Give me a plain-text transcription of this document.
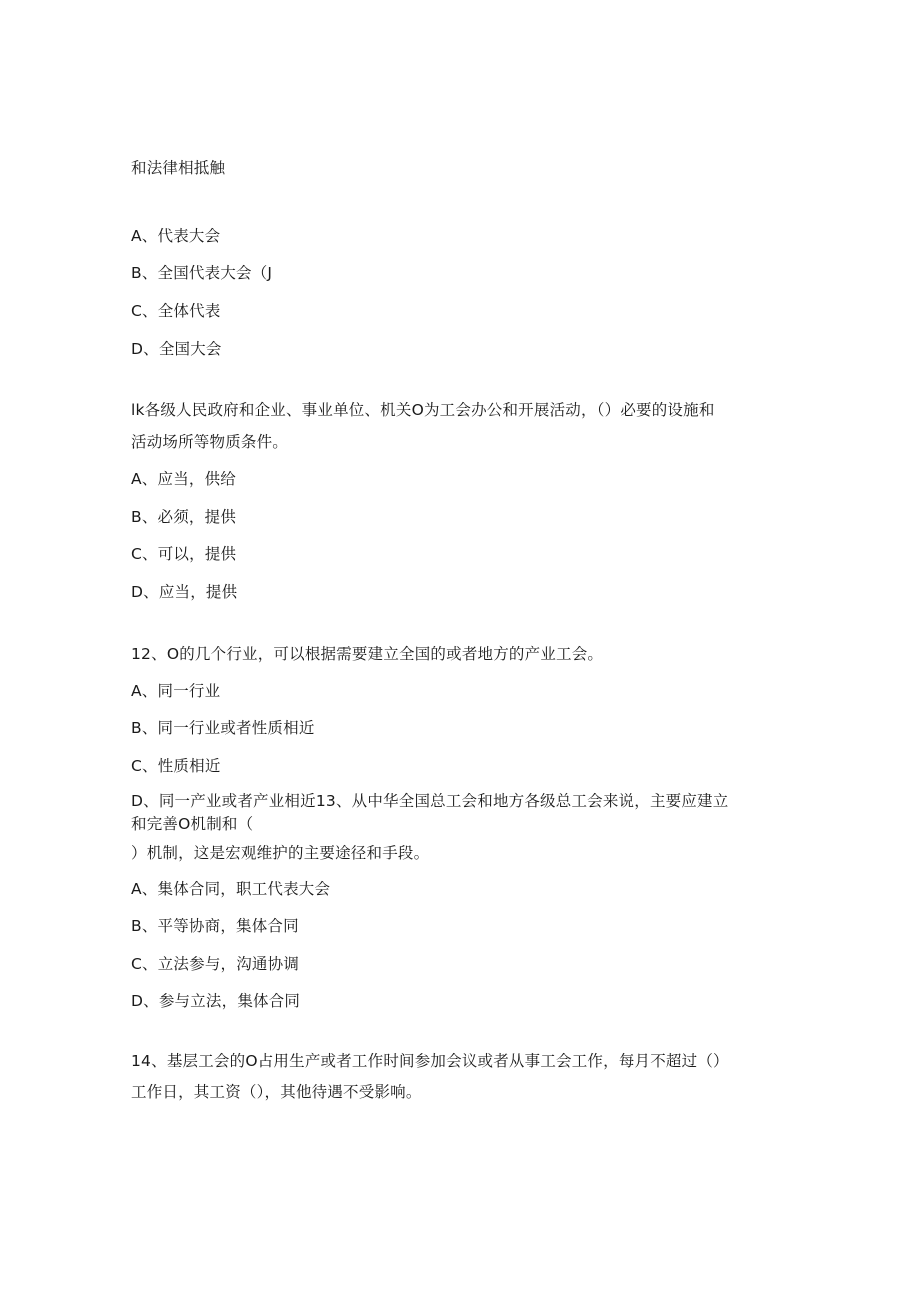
和法律相抵触
A、代表大会
B、全国代表大会（J
C、全体代表
D、全国大会
lk各级人民政府和企业、事业单位、机关O为工会办公和开展活动，（）必要的设施和
活动场所等物质条件。
A、应当，供给
B、必须，提供
C、可以，提供
D、应当，提供
12、O的几个行业，可以根据需要建立全国的或者地方的产业工会。
A、同一行业
B、同一行业或者性质相近
C、性质相近
D、同一产业或者产业相近13、从中华全国总工会和地方各级总工会来说，主要应建立
和完善O机制和（
）机制，这是宏观维护的主要途径和手段。
A、集体合同，职工代表大会
B、平等协商，集体合同
C、立法参与，沟通协调
D、参与立法，集体合同
14、基层工会的O占用生产或者工作时间参加会议或者从事工会工作，每月不超过（）
工作日，其工资（），其他待遇不受影响。
